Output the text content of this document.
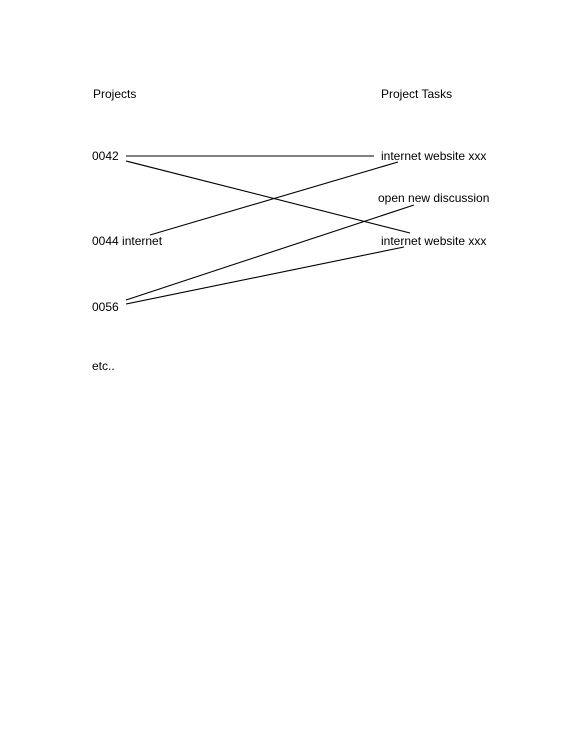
Projects	Project Tasks
0042
0044 internet
0056
etc..
internet website xxx
open new discussion
internet website xxx
